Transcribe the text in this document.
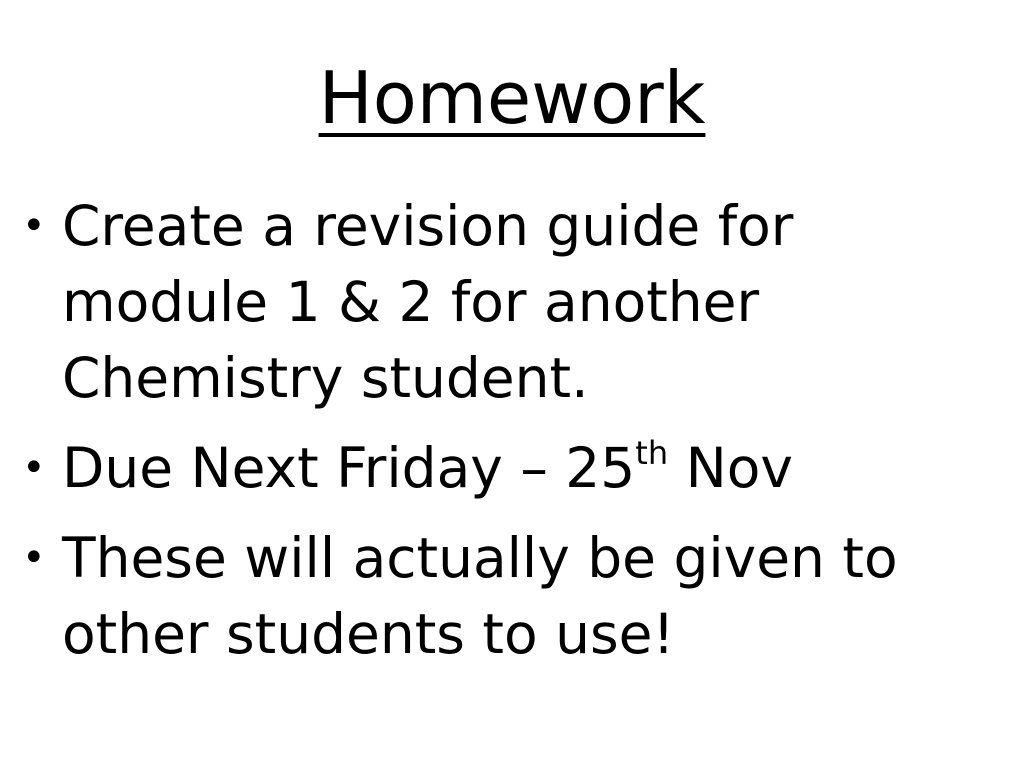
Homework
• Create a revision guide for module 1 & 2 for another Chemistry student.
• Due Next Friday – 25th Nov
• These will actually be given to other students to use!
